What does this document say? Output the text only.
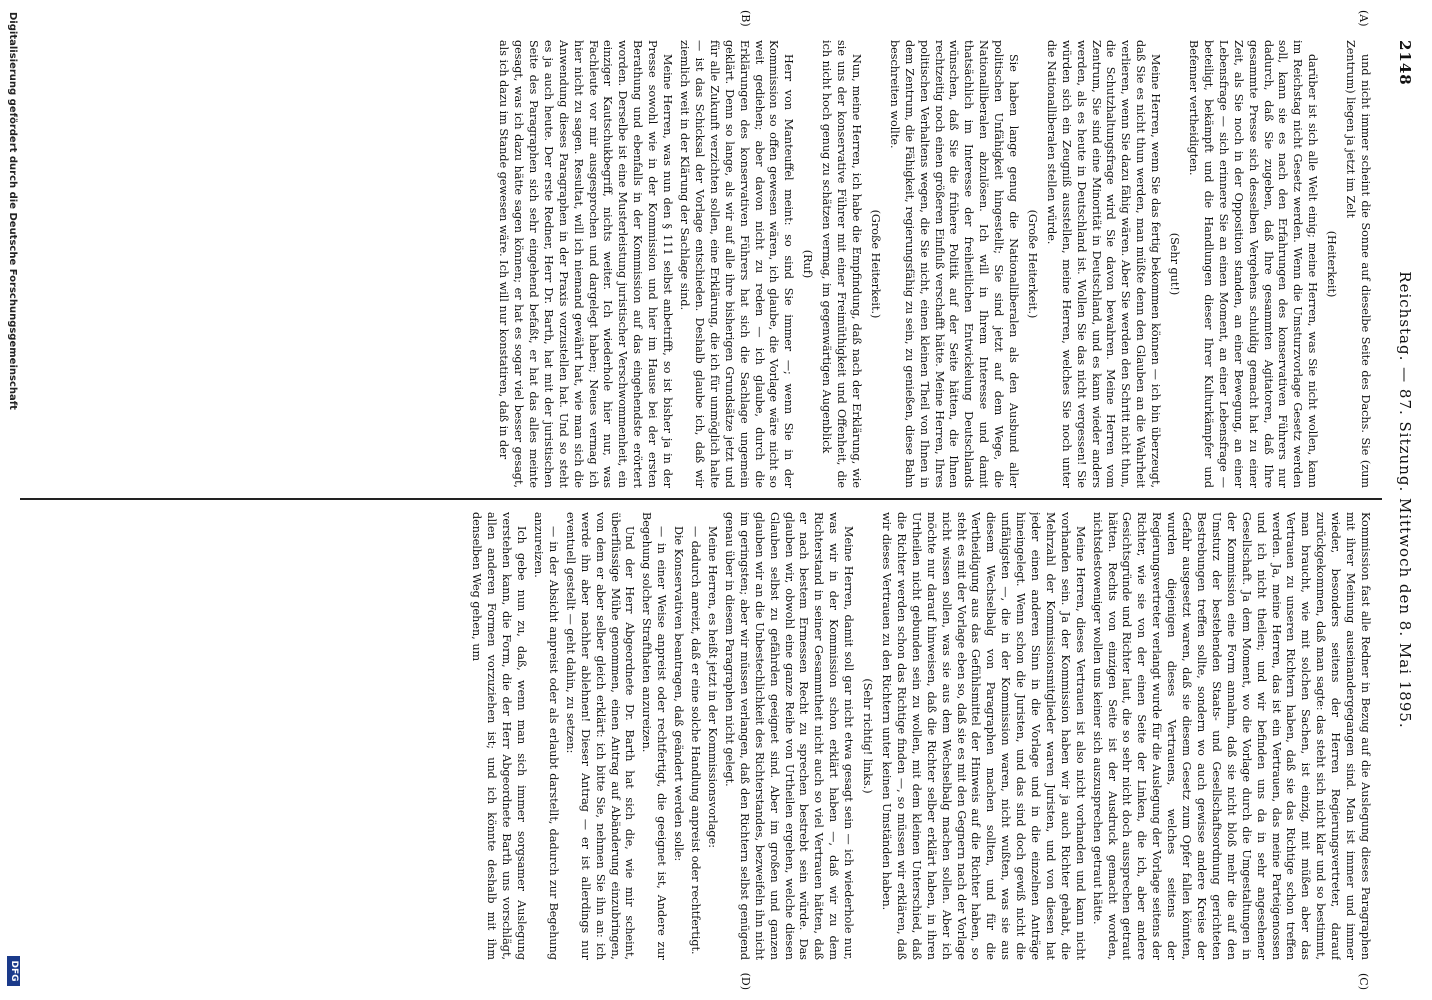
2148
Reichstag. — 87. Sitzung. Mittwoch den 8. Mai 1895.
(A)
(B)
(C)
(D)

und nicht immer scheint die Sonne auf dieselbe Seite des Dachs. Sie (zum Zentrum) liegen ja jetzt im Zelt

(Heiterkeit)

darüber ist sich alle Welt einig; meine Herren, was Sie nicht wollen, kann im Reichstag nicht Gesetz werden. Wenn die Umsturzvorlage Gesetz werden soll, kann sie es nach den Erfahrungen des konservativen Führers nur dadurch, daß Sie zugeben, daß Ihre gesammten Agitatoren, daß Ihre gesammte Presse sich desselben Vergehens schuldig gemacht hat zu einer Zeit, als Sie noch in der Opposition standen, an einer Bewegung, an einer Lebensfrage — sich erinnere Sie an einen Moment, an einer Lebensfrage — beteiligt, bekämpft und die Handlungen dieser Ihrer Kulturkämpfer und Befenner vertheidigten.

(Sehr gut!)

Meine Herren, wenn Sie das fertig bekommen können — ich bin überzeugt, daß Sie es nicht thun werden, man müßte denn den Glauben an die Wahrheit verlieren, wenn Sie dazu fähig wären. Aber Sie werden den Schritt nicht thun, die Schutzhaltungsfrage wird Sie davon bewahren. Meine Herren vom Zentrum, Sie sind eine Minorität in Deutschland, und es kann wieder anders werden, als es heute in Deutschland ist. Wollen Sie das nicht vergessen! Sie würden sich ein Zeugniß ausstellen, meine Herren, welches Sie noch unter die Nationalliberalen stellen würde.

(Große Heiterkeit.)

Sie haben lange genug die Nationalliberalen als den Ausbund aller politischen Unfähigkeit hingestellt; Sie sind jetzt auf dem Wege, die Nationalliberalen abzulösen. Ich will in Ihrem Interesse und damit thatsächlich im Interesse der freiheitlichen Entwickelung Deutschlands wünschen, daß Sie die frühere Politik auf der Seite hätten, die Ihnen rechtzeitig noch einen größeren Einfluß verschafft hätte. Meine Herren, Ihres politischen Verhaltens wegen, die Sie nicht, einen kleinen Theil von Ihnen in dem Zentrum, die Fähigkeit, regierungsfähig zu sein, zu genießen, diese Bahn beschreiten wollte.

(Große Heiterkeit.)

Nun, meine Herren, ich habe die Empfindung, daß nach der Erklärung, wie sie uns der konservative Führer mit einer Freimüthigkeit und Offenheit, die ich nicht hoch genug zu schätzen vermag, im gegenwärtigen Augenblick

(Ruf)

Herr von Manteuffel meint: so sind Sie immer —; wenn Sie in der Kommission so offen gewesen wären, ich glaube, die Vorlage wäre nicht so weit gediehen; aber davon nicht zu reden — ich glaube, durch die Erklärungen des konservativen Führers hat sich die Sachlage ungemein geklärt. Denn so lange, als wir auf alle ihre bisherigen Grundsätze jetzt und für alle Zukunft verzichten sollen, eine Erklärung, die ich für unmöglich halte — ist das Schicksal der Vorlage entschieden. Deshalb glaube ich, daß wir ziemlich weit in der Klärung der Sachlage sind.

Meine Herren, was nun den § 111 selbst anbetrifft, so ist bisher ja in der Presse sowohl wie in der Kommission und hier im Hause bei der ersten Berathung und ebenfalls in der Kommission auf das eingehendste erörtert worden. Derselbe ist eine Musterleistung juristischer Verschwommenheit, ein einziger Kautschukbegriff, nichts weiter. Ich wiederhole hier nur, was Fachleute vor mir ausgesprochen und dargelegt haben; Neues vermag ich hier nicht zu sagen. Resultat, will ich niemand gewährt hat, wie man sich die Anwendung dieses Paragraphen in der Praxis vorzustellen hat. Und so steht es ja auch heute. Der erste Redner, Herr Dr. Barth, hat mit der juristischen Seite des Paragraphen sich sehr eingehend befaßt, er hat das alles meinte gesagt, was ich dazu hätte sagen können; er hat es sogar viel besser gesagt, als ich dazu im Stande gewesen wäre. Ich will nur konstatiren, daß in der

Kommission fast alle Redner in Bezug auf die Auslegung dieses Paragraphen mit ihrer Meinung auseinandergegangen sind. Man ist immer und immer wieder, besonders seitens der Herren Regierungsvertreter, darauf zurückgekommen, daß man sagte: das steht sich nicht klar und so bestimmt, man braucht, wie mit solchen Sachen, ist einzig, mit müßen aber das Vertrauen zu unseren Richtern haben, daß sie das Richtige schon treffen werden. Ja, meine Herren, das ist ein Vertrauen, das meine Parteigenossen und ich nicht theilen; und wir befinden uns da in sehr angesehener Gesellschaft. Ja dem Moment, wo die Vorlage durch die Umgestaltungen in der Kommission eine Form annahm, daß sie nicht bloß mehr die auf den Umsturz der bestehenden Staats- und Gesellschaftsordnung gerichteten Bestrebungen treffen sollte, sondern wo auch gewisse andere Kreise der Gefahr ausgesetzt waren, daß sie diesem Gesetz zum Opfer fallen könnten, wurden diejenigen dieses Vertrauens, welches seitens der Regierungsvertreter verlangt wurde für die Auslegung der Vorlage seitens der Richter, wie sie von der einen Seite der Linken, die ich, aber andere Gesichtsgründe und Richter laut, die so sehr nicht doch aussprechen getraut hätten. Rechts von einzigen Seite ist der Ausdruck gemacht worden, nichtsdestoweniger wollen uns keiner sich auszusprechen getraut hätte.

Meine Herren, dieses Vertrauen ist also nicht vorhanden und kann nicht vorhanden sein. Ja der Kommission haben wir ja auch Richter gehabt, die Mehrzahl der Kommissionsmitglieder waren Juristen, und von diesen hat jeder einen anderen Sinn in die Vorlage und in die einzelnen Anträge hineingelegt. Wenn schon die Juristen, und das sind doch gewiß nicht die unfähigsten —, die in der Kommission waren, nicht wußten, was sie aus diesem Wechselbalg von Paragraphen machen sollten, und für die Vertheidigung aus das Gefühlsmittel der Hinweis auf die Richter haben, so steht es mit der Vorlage eben so, daß sie es mit den Gegnern nach der Vorlage nicht wissen sollen, was sie aus dem Wechselbalg machen sollen. Aber ich möchte nur darauf hinweisen, daß die Richter selber erklärt haben, in ihren Urtheilen nicht gebunden sein zu wollen, mit dem kleinen Unterschied, daß die Richter werden schon das Richtige finden —, so müssen wir erklären, daß wir dieses Vertrauen zu den Richtern unter keinen Umständen haben.

(Sehr richtig! links.)

Meine Herren, damit soll gar nicht etwa gesagt sein — ich wiederhole nur, was wir in der Kommission schon erklärt haben —, daß wir zu dem Richterstand in seiner Gesammtheit nicht auch so viel Vertrauen hätten, daß er nach bestem Ermessen Recht zu sprechen bestrebt sein würde. Das glauben wir, obwohl eine ganze Reihe von Urtheilen ergehen, welche diesen Glauben selbst zu gefährden geeignet sind. Aber im großen und ganzen glauben wir an die Unbestechlichkeit des Richterstandes, bezweifeln ihn nicht im geringsten; aber wir müssen verlangen, daß den Richtern selbst genügend genau über in diesem Paragraphen nicht gelegt.

Meine Herren, es heißt jetzt in der Kommissionsvorlage:

— dadurch anreizt, daß er eine solche Handlung anpreist oder rechtfertigt.

Die Konservativen beantragen, daß geändert werden solle:

— in einer Weise anpreist oder rechtfertigt, die geeignet ist, Andere zur Begehung solcher Strafthaten anzureizen.

Und der Herr Abgeordnete Dr. Barth hat sich die, wie mir scheint, überflüssige Mühe genommen, einen Antrag auf Abänderung einzubringen, von dem er aber selber gleich erklärt: ich bitte Sie, nehmen Sie ihn an: ich werde ihn aber nachher ablehnen! Dieser Antrag — er ist allerdings nur eventuell gestellt — geht dahin, zu setzen:

— in der Absicht anpreist oder als erlaubt darstellt, dadurch zur Begehung anzureizen.

Ich gebe nun zu, daß, wenn man sich immer sorgsamer Auslegung verstehen kann, die Form, die der Herr Abgeordnete Barth uns vorschlägt, allen anderen Formen vorzuziehen ist; und ich könnte deshalb mit ihm denselben Weg gehen, um

Digitalisierung gefördert durch die Deutsche Forschungsgemeinschaft
DFG
